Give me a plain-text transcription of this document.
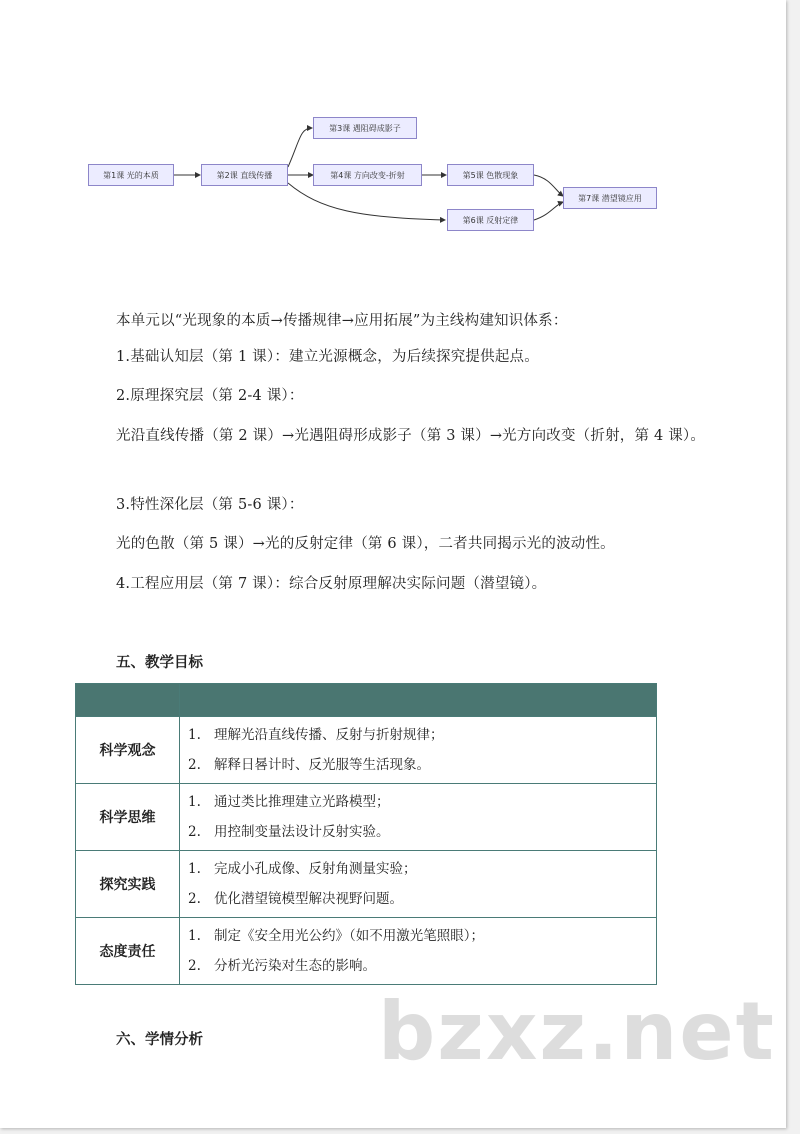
第1课 光的本质	第2课 直线传播
第3课 遇阻碍成影子
第4课 方向改变-折射	第5课 色散现象
第6课 反射定律
第7课 潜望镜应用
本单元以“光现象的本质→传播规律→应用拓展”为主线构建知识体系：
1.基础认知层（第 1 课）：建立光源概念，为后续探究提供起点。
2.原理探究层（第 2-4 课）：
光沿直线传播（第 2 课）→光遇阻碍形成影子（第 3 课）→光方向改变（折射，第 4 课）。
3.特性深化层（第 5-6 课）：
光的色散（第 5 课）→光的反射定律（第 6 课），二者共同揭示光的波动性。
4.工程应用层（第 7 课）：综合反射原理解决实际问题（潜望镜）。
五、教学目标

科学观念	1. 理解光沿直线传播、反射与折射规律；
2. 解释日晷计时、反光服等生活现象。

科学思维	1. 通过类比推理建立光路模型；
2. 用控制变量法设计反射实验。

探究实践	1. 完成小孔成像、反射角测量实验；
2. 优化潜望镜模型解决视野问题。

态度责任	1. 制定《安全用光公约》（如不用激光笔照眼）；
2. 分析光污染对生态的影响。
六、学情分析 bzxz.net
